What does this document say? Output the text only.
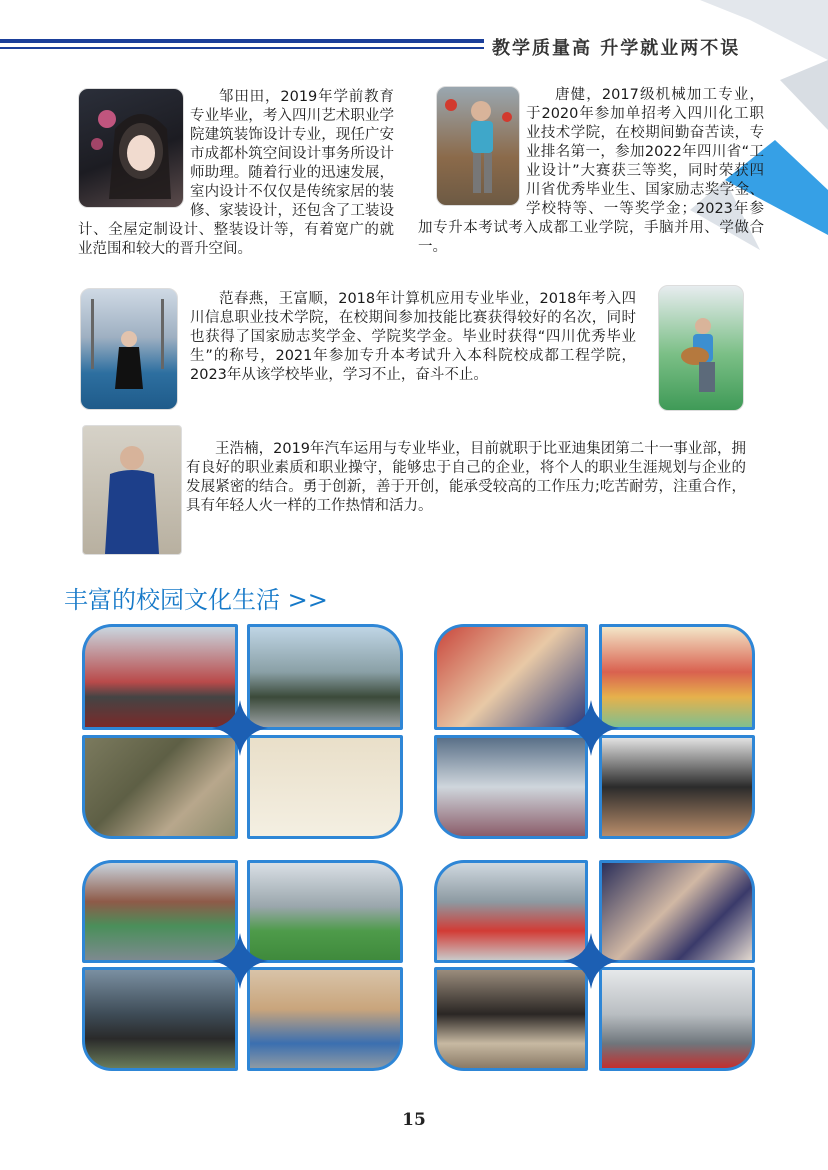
教学质量高 升学就业两不误

邹田田，2019年学前教育专业毕业，考入四川艺术职业学院建筑装饰设计专业，现任广安市成都朴筑空间设计事务所设计师助理。随着行业的迅速发展，室内设计不仅仅是传统家居的装修、家装设计，还包含了工装设计、全屋定制设计、整装设计等，有着宽广的就业范围和较大的晋升空间。

唐健，2017级机械加工专业，于2020年参加单招考入四川化工职业技术学院，在校期间勤奋苦读，专业排名第一，参加2022年四川省“工业设计”大赛获三等奖，同时荣获四川省优秀毕业生、国家励志奖学金、学校特等、一等奖学金；2023年参加专升本考试考入成都工业学院，手脑并用、学做合一。

范春燕，王富顺，2018年计算机应用专业毕业，2018年考入四川信息职业技术学院，在校期间参加技能比赛获得较好的名次，同时也获得了国家励志奖学金、学院奖学金。毕业时获得“四川优秀毕业生”的称号，2021年参加专升本考试升入本科院校成都工程学院，2023年从该学校毕业，学习不止，奋斗不止。

王浩楠，2019年汽车运用与专业毕业，目前就职于比亚迪集团第二十一事业部，拥有良好的职业素质和职业操守，能够忠于自己的企业，将个人的职业生涯规划与企业的发展紧密的结合。勇于创新，善于开创，能承受较高的工作压力;吃苦耐劳，注重合作，具有年轻人火一样的工作热情和活力。

丰富的校园文化生活 >>
15
